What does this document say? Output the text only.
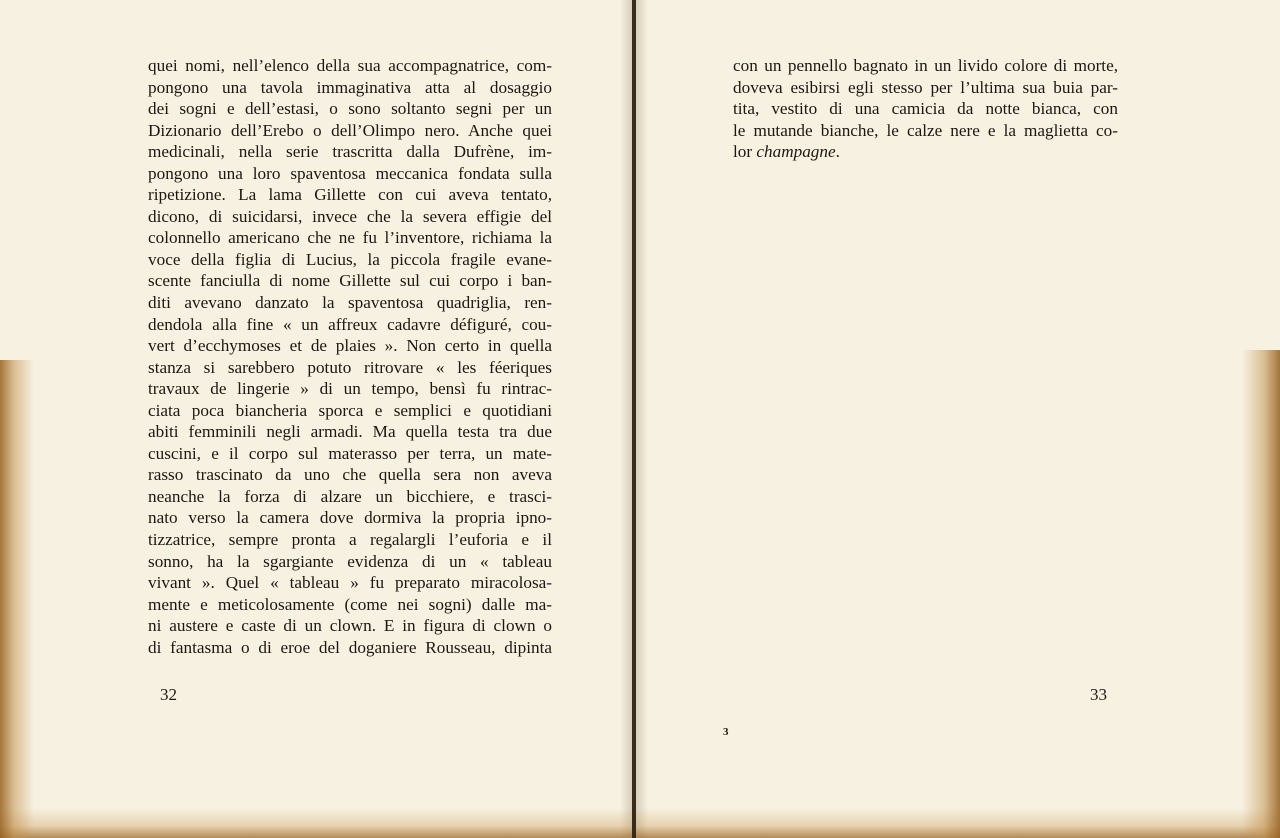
quei nomi, nell’elenco della sua accompagnatrice, com-
pongono una tavola immaginativa atta al dosaggio
dei sogni e dell’estasi, o sono soltanto segni per un
Dizionario dell’Erebo o dell’Olimpo nero. Anche quei
medicinali, nella serie trascritta dalla Dufrène, im-
pongono una loro spaventosa meccanica fondata sulla
ripetizione. La lama Gillette con cui aveva tentato,
dicono, di suicidarsi, invece che la severa effigie del
colonnello americano che ne fu l’inventore, richiama la
voce della figlia di Lucius, la piccola fragile evane-
scente fanciulla di nome Gillette sul cui corpo i ban-
diti avevano danzato la spaventosa quadriglia, ren-
dendola alla fine « un affreux cadavre défiguré, cou-
vert d’ecchymoses et de plaies ». Non certo in quella
stanza si sarebbero potuto ritrovare « les féeriques
travaux de lingerie » di un tempo, bensì fu rintrac-
ciata poca biancheria sporca e semplici e quotidiani
abiti femminili negli armadi. Ma quella testa tra due
cuscini, e il corpo sul materasso per terra, un mate-
rasso trascinato da uno che quella sera non aveva
neanche la forza di alzare un bicchiere, e trasci-
nato verso la camera dove dormiva la propria ipno-
tizzatrice, sempre pronta a regalargli l’euforia e il
sonno, ha la sgargiante evidenza di un « tableau
vivant ». Quel « tableau » fu preparato miracolosa-
mente e meticolosamente (come nei sogni) dalle ma-
ni austere e caste di un clown. E in figura di clown o
di fantasma o di eroe del doganiere Rousseau, dipinta
32
con un pennello bagnato in un livido colore di morte,
doveva esibirsi egli stesso per l’ultima sua buia par-
tita, vestito di una camicia da notte bianca, con
le mutande bianche, le calze nere e la maglietta co-
lor champagne.
3
33
